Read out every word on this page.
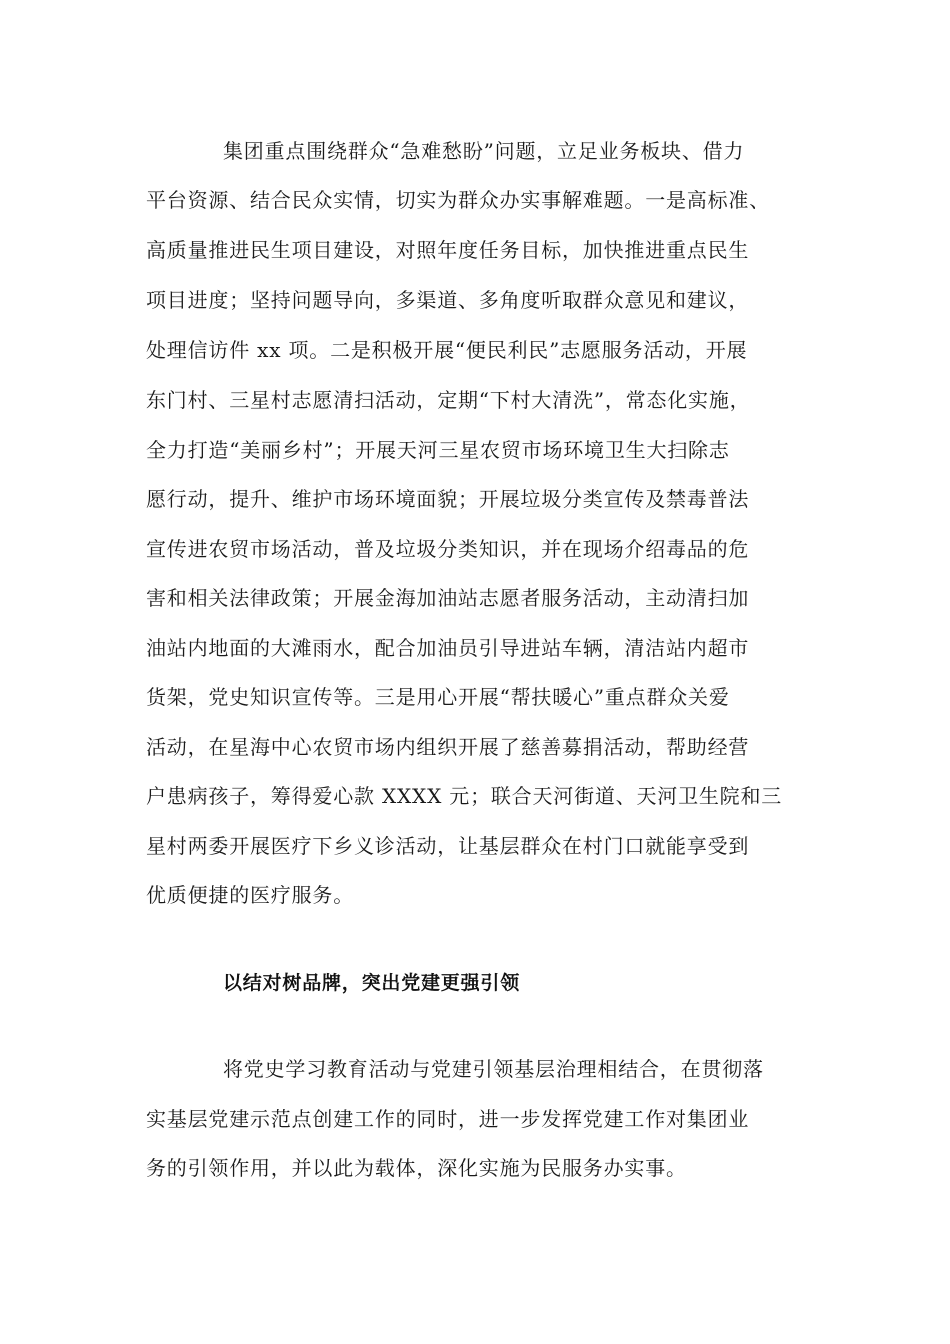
集团重点围绕群众“急难愁盼”问题，立足业务板块、借力
平台资源、结合民众实情，切实为群众办实事解难题。一是高标准、
高质量推进民生项目建设，对照年度任务目标，加快推进重点民生
项目进度；坚持问题导向，多渠道、多角度听取群众意见和建议，
处理信访件 xx 项。二是积极开展“便民利民”志愿服务活动，开展
东门村、三星村志愿清扫活动，定期“下村大清洗”，常态化实施，
全力打造“美丽乡村”；开展天河三星农贸市场环境卫生大扫除志
愿行动，提升、维护市场环境面貌；开展垃圾分类宣传及禁毒普法
宣传进农贸市场活动，普及垃圾分类知识，并在现场介绍毒品的危
害和相关法律政策；开展金海加油站志愿者服务活动，主动清扫加
油站内地面的大滩雨水，配合加油员引导进站车辆，清洁站内超市
货架，党史知识宣传等。三是用心开展“帮扶暖心”重点群众关爱
活动，在星海中心农贸市场内组织开展了慈善募捐活动，帮助经营
户患病孩子，筹得爱心款 XXXX 元；联合天河街道、天河卫生院和三
星村两委开展医疗下乡义诊活动，让基层群众在村门口就能享受到
优质便捷的医疗服务。
以结对树品牌，突出党建更强引领
将党史学习教育活动与党建引领基层治理相结合，在贯彻落
实基层党建示范点创建工作的同时，进一步发挥党建工作对集团业
务的引领作用，并以此为载体，深化实施为民服务办实事。
